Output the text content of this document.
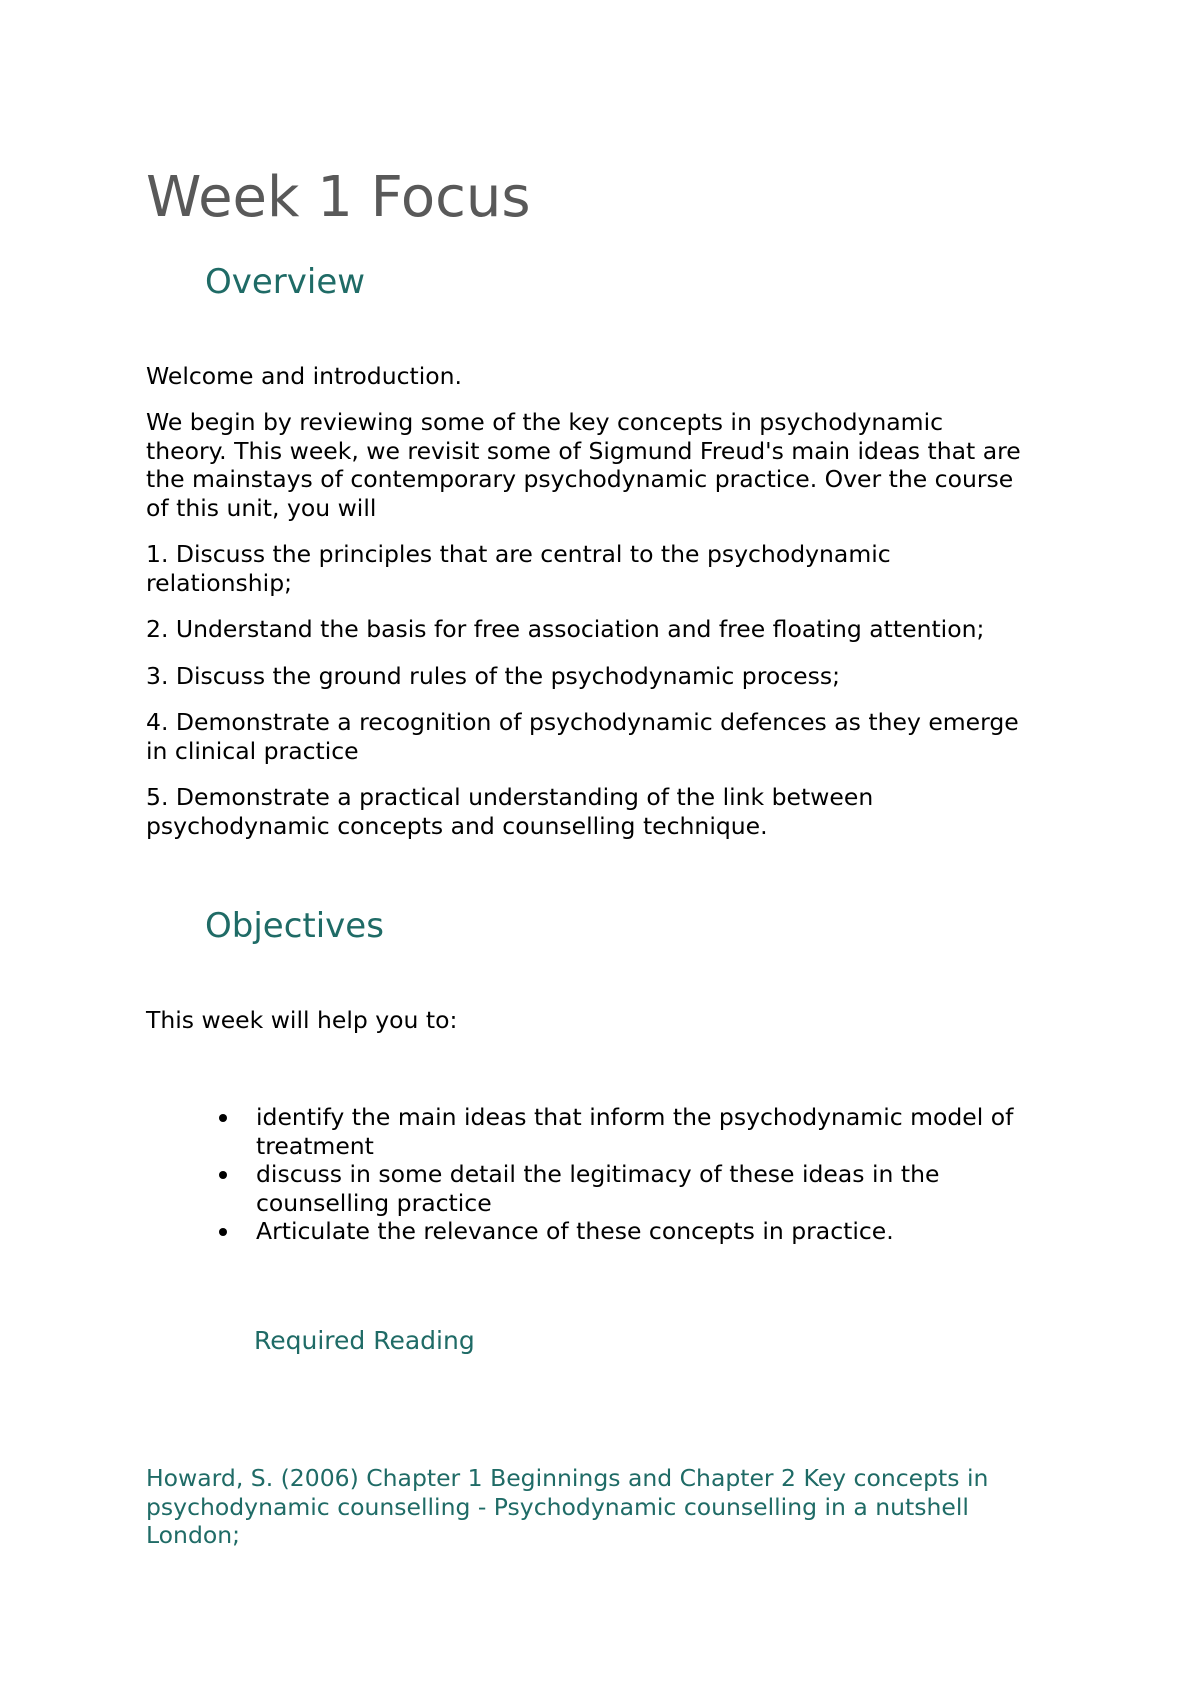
Week 1 Focus
Overview

Welcome and introduction.

We begin by reviewing some of the key concepts in psychodynamic
theory. This week, we revisit some of Sigmund Freud's main ideas that are
the mainstays of contemporary psychodynamic practice. Over the course
of this unit, you will

1. Discuss the principles that are central to the psychodynamic
relationship;

2. Understand the basis for free association and free floating attention;

3. Discuss the ground rules of the psychodynamic process;

4. Demonstrate a recognition of psychodynamic defences as they emerge
in clinical practice

5. Demonstrate a practical understanding of the link between
psychodynamic concepts and counselling technique.

Objectives

This week will help you to:

identify the main ideas that inform the psychodynamic model of
treatment
discuss in some detail the legitimacy of these ideas in the
counselling practice
Articulate the relevance of these concepts in practice.
Required Reading
Howard, S. (2006) Chapter 1 Beginnings and Chapter 2 Key concepts in
psychodynamic counselling - Psychodynamic counselling in a nutshell
London;
